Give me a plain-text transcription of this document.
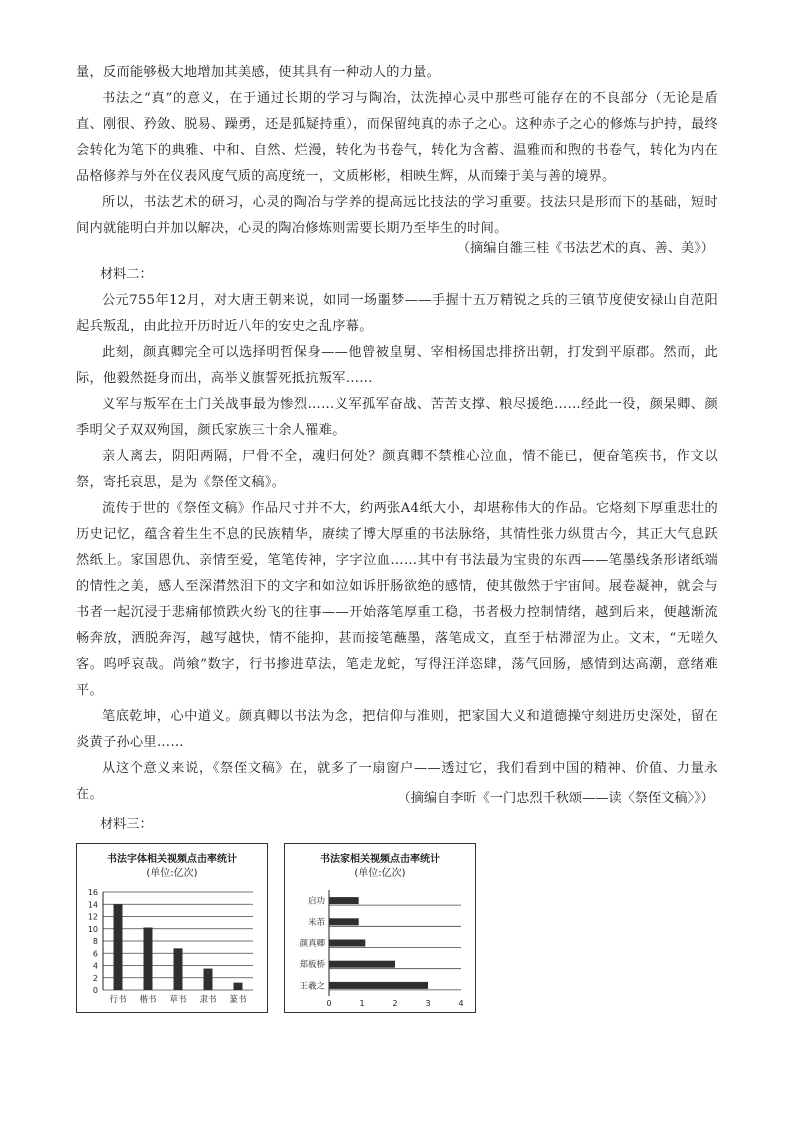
量，反而能够极大地增加其美感，使其具有一种动人的力量。

书法之“真”的意义，在于通过长期的学习与陶冶，汰洗掉心灵中那些可能存在的不良部分（无论是盾直、刚很、矜敛、脱易、躁勇，还是狐疑持重），而保留纯真的赤子之心。这种赤子之心的修炼与护持，最终会转化为笔下的典雅、中和、自然、烂漫，转化为书卷气，转化为含蓄、温雅而和煦的书卷气，转化为内在品格修养与外在仪表风度气质的高度统一，文质彬彬，相映生辉，从而臻于美与善的境界。

所以，书法艺术的研习，心灵的陶冶与学养的提高远比技法的学习重要。技法只是形而下的基础，短时间内就能明白并加以解决，心灵的陶冶修炼则需要长期乃至毕生的时间。

（摘编自雒三桂《书法艺术的真、善、美》）

材料二：

公元755年12月，对大唐王朝来说，如同一场噩梦——手握十五万精锐之兵的三镇节度使安禄山自范阳起兵叛乱，由此拉开历时近八年的安史之乱序幕。

此刻，颜真卿完全可以选择明哲保身——他曾被皇舅、宰相杨国忠排挤出朝，打发到平原郡。然而，此际，他毅然挺身而出，高举义旗誓死抵抗叛军……

义军与叛军在土门关战事最为惨烈……义军孤军奋战、苦苦支撑、粮尽援绝……经此一役，颜杲卿、颜季明父子双双殉国，颜氏家族三十余人罹难。

亲人离去，阴阳两隔，尸骨不全，魂归何处？颜真卿不禁椎心泣血，情不能已，便奋笔疾书，作文以祭，寄托哀思，是为《祭侄文稿》。

流传于世的《祭侄文稿》作品尺寸并不大，约两张A4纸大小，却堪称伟大的作品。它烙刻下厚重悲壮的历史记忆，蕴含着生生不息的民族精华，赓续了博大厚重的书法脉络，其情性张力纵贯古今，其正大气息跃然纸上。家国恩仇、亲情至爱，笔笔传神，字字泣血……其中有书法最为宝贵的东西——笔墨线条形诸纸端的情性之美，感人至深潸然泪下的文字和如泣如诉肝肠欲绝的感情，使其傲然于宇宙间。展卷凝神，就会与书者一起沉浸于悲痛郁愤跌火纷飞的往事——开始落笔厚重工稳，书者极力控制情绪，越到后来，便越渐流畅奔放，洒脱奔泻，越写越快，情不能抑，甚而接笔蘸墨，落笔成文，直至于枯滞涩为止。文末，“无嗟久客。呜呼哀哉。尚飨”数字，行书掺进草法，笔走龙蛇，写得汪洋恣肆，荡气回肠，感情到达高潮，意绪难平。

笔底乾坤，心中道义。颜真卿以书法为念，把信仰与准则，把家国大义和道德操守刻进历史深处，留在炎黄子孙心里……

从这个意义来说，《祭侄文稿》在，就多了一扇窗户——透过它，我们看到中国的精神、价值、力量永在。	（摘编自李昕《一门忠烈千秋颂——读〈祭侄文稿〉》）

材料三：

书法字体相关视频点击率统计

(单位:亿次)

0
2
4
6
8
10
12
14
16
行书 楷书 草书 隶书 篆书

书法家相关视频点击率统计

(单位:亿次)

0	1	2	3	4
启功
米芾
颜真卿
郑板桥
王羲之
